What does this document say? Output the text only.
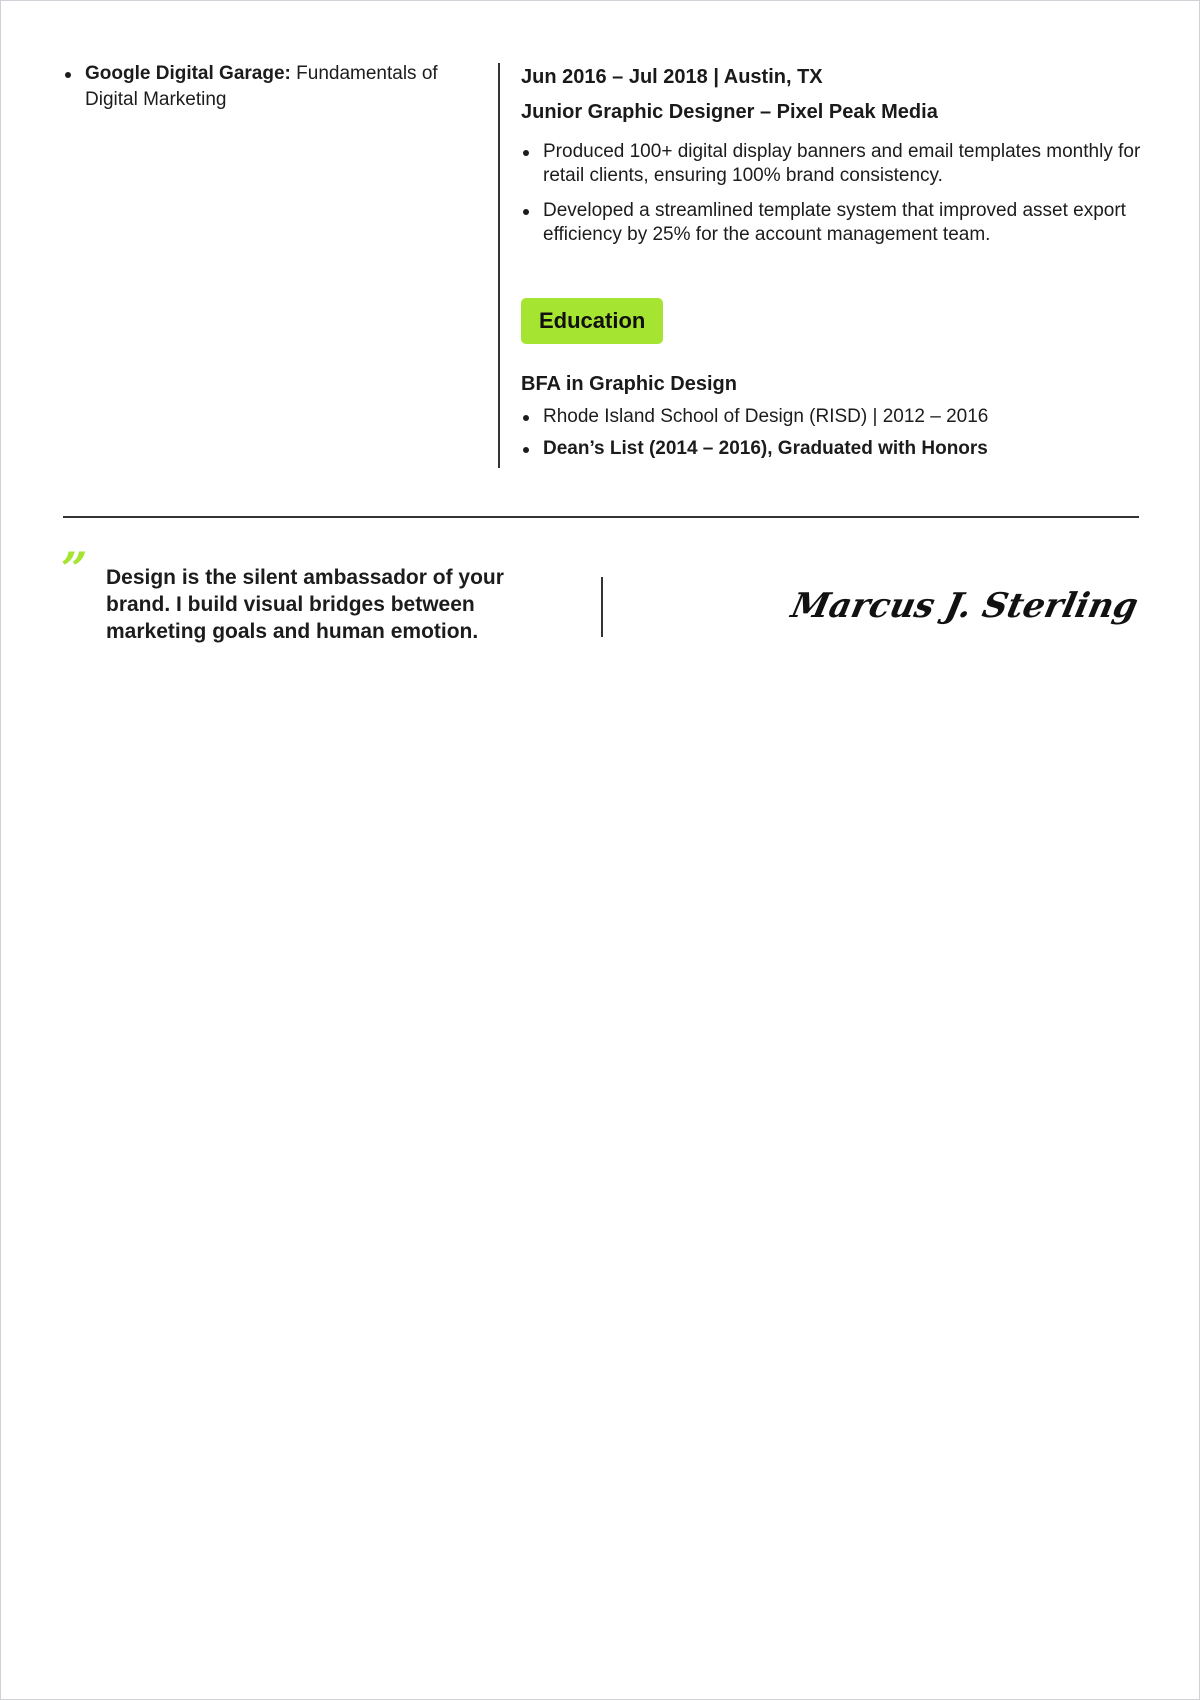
Google Digital Garage: Fundamentals of Digital Marketing
Jun 2016 – Jul 2018 | Austin, TX
Junior Graphic Designer – Pixel Peak Media
Produced 100+ digital display banners and email templates monthly for retail clients, ensuring 100% brand consistency.
Developed a streamlined template system that improved asset export efficiency by 25% for the account management team.
Education
BFA in Graphic Design
Rhode Island School of Design (RISD) | 2012 – 2016
Dean’s List (2014 – 2016), Graduated with Honors
” Design is the silent ambassador of your brand. I build visual bridges between marketing goals and human emotion.
Marcus J. Sterling
